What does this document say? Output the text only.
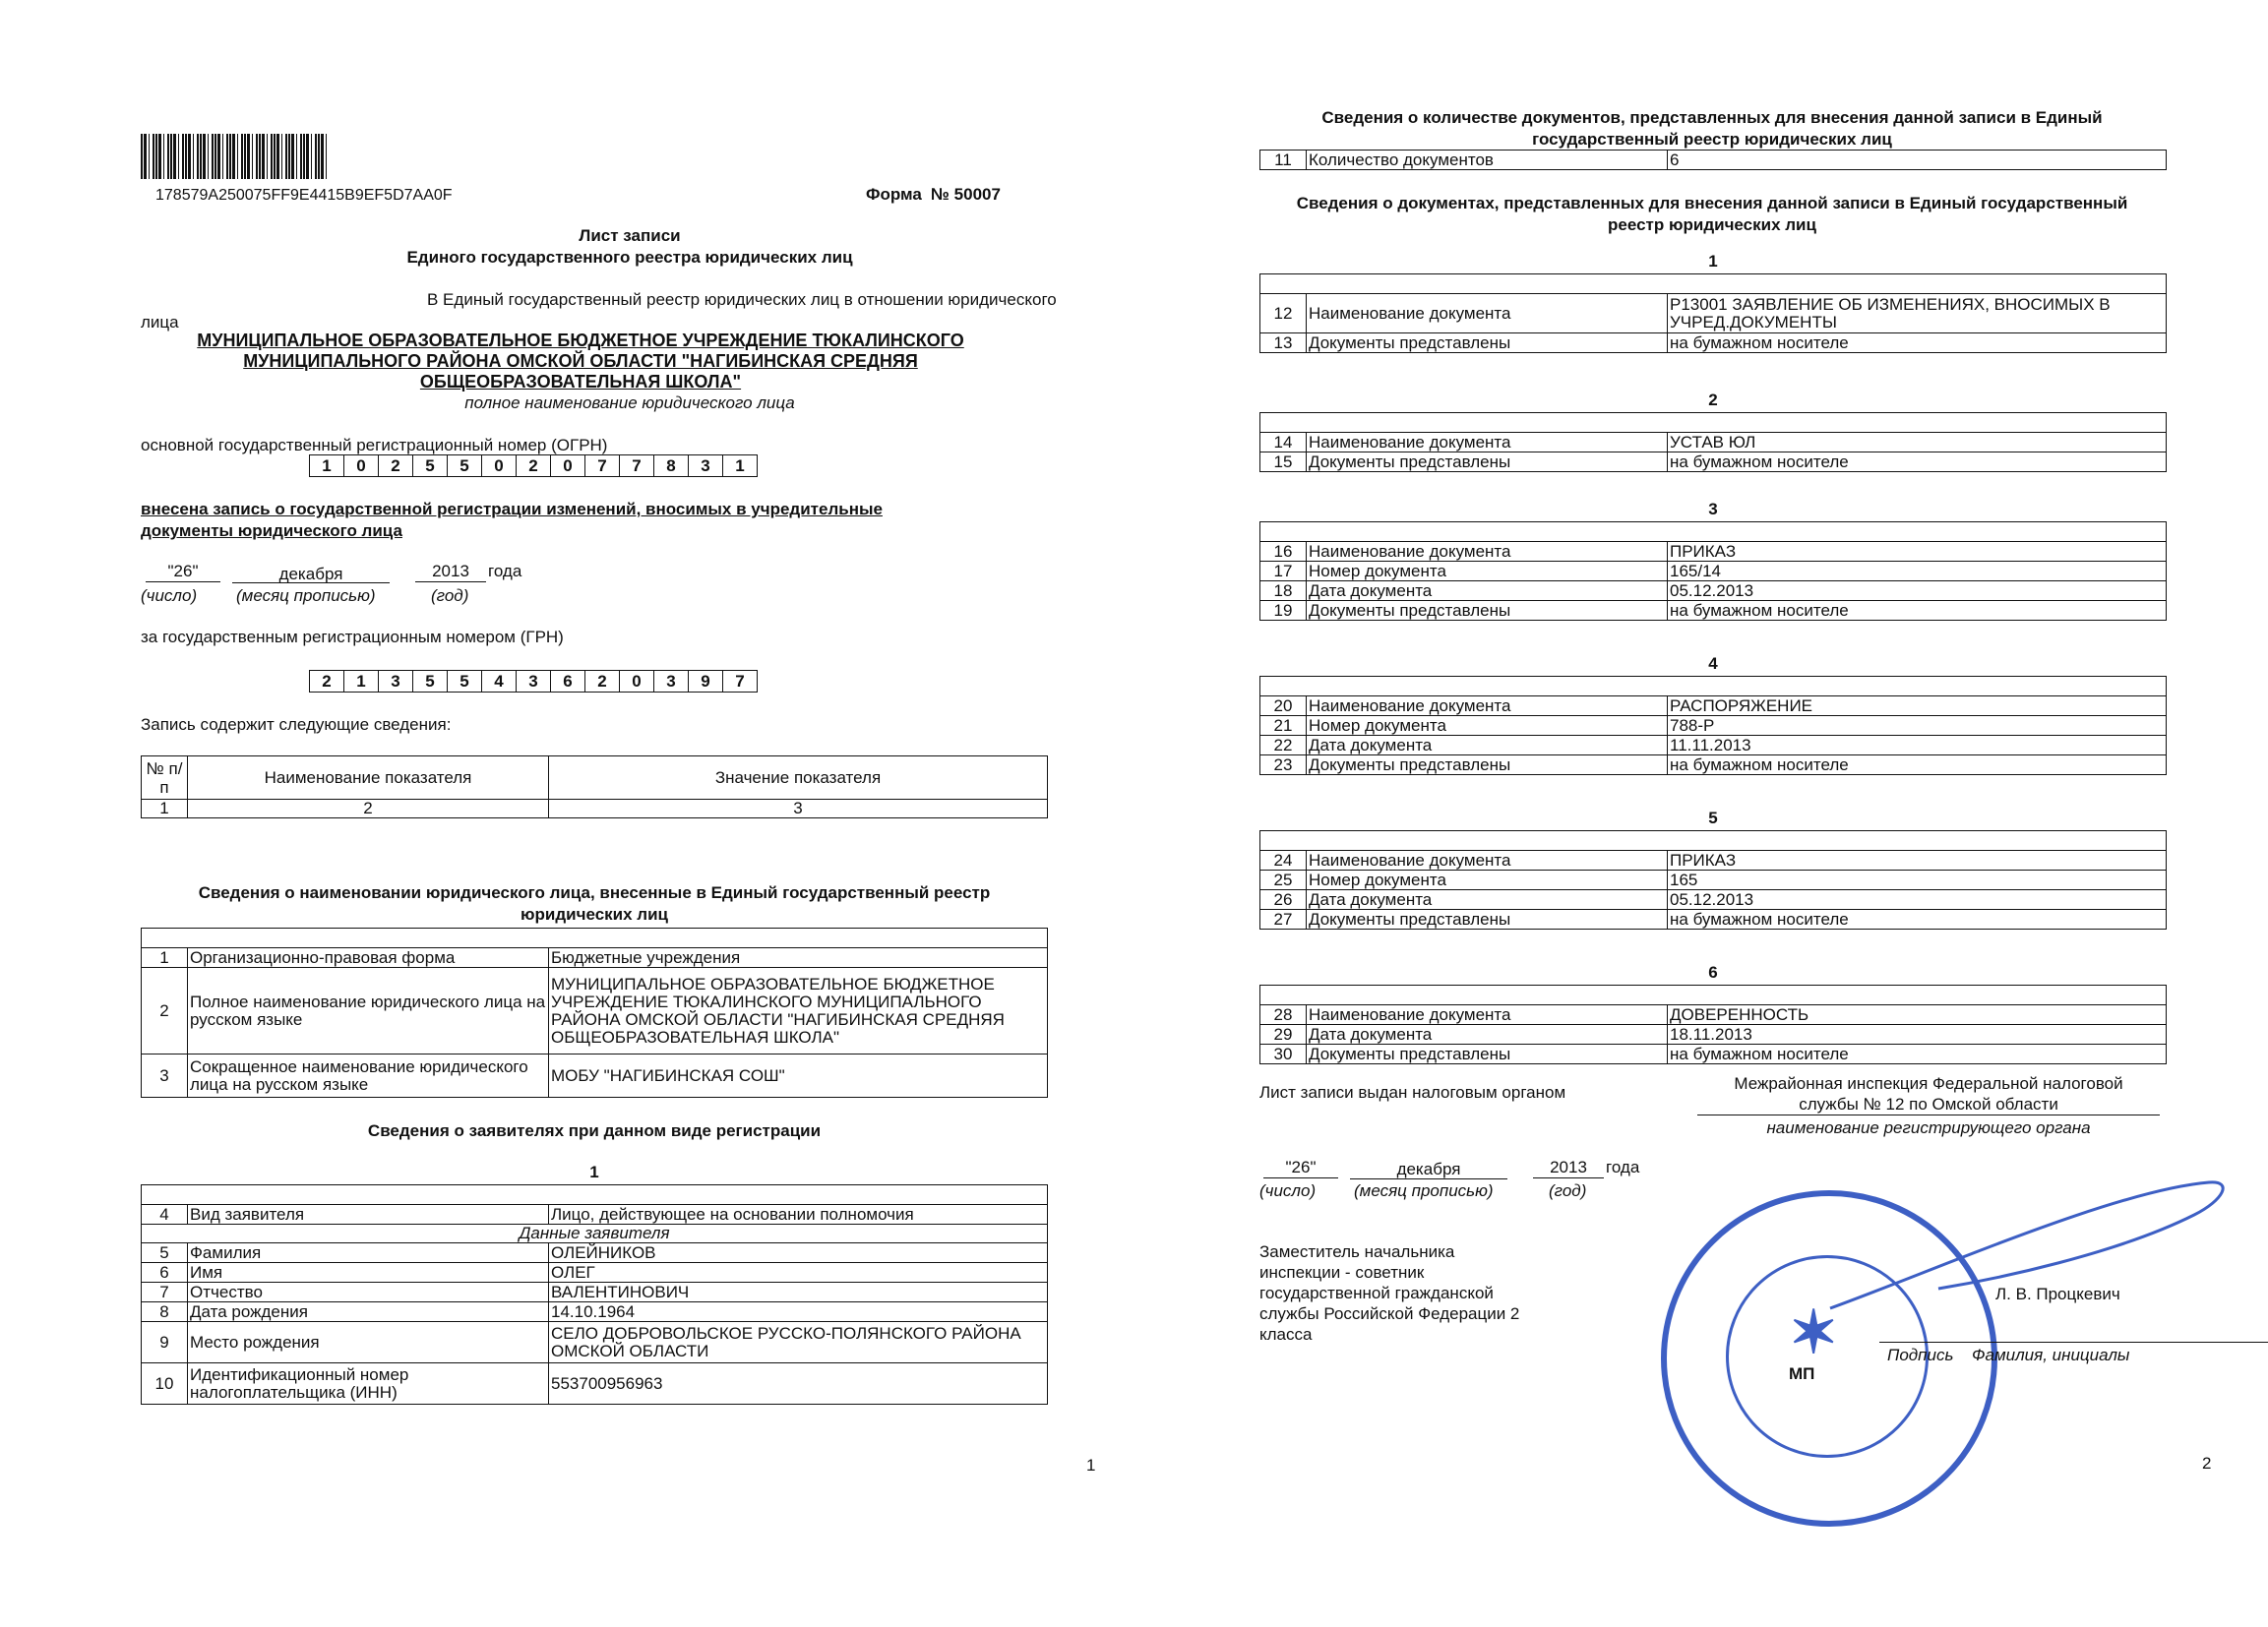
178579A250075FF9E4415B9EF5D7AA0F	Форма № 50007
Лист записи
Единого государственного реестра юридических лиц
В Единый государственный реестр юридических лиц в отношении юридического
лица
МУНИЦИПАЛЬНОЕ ОБРАЗОВАТЕЛЬНОЕ БЮДЖЕТНОЕ УЧРЕЖДЕНИЕ ТЮКАЛИНСКОГО
МУНИЦИПАЛЬНОГО РАЙОНА ОМСКОЙ ОБЛАСТИ "НАГИБИНСКАЯ СРЕДНЯЯ
ОБЩЕОБРАЗОВАТЕЛЬНАЯ ШКОЛА"
полное наименование юридического лица
основной государственный регистрационный номер (ОГРН)
1	0	2	5	5	0	2	0	7	7	8	3	1
внесена запись о государственной регистрации изменений, вносимых в учредительные
документы юридического лица
"26"	декабря	2013	года
(число) (месяц прописью)	(год)
за государственным регистрационным номером (ГРН)
2	1	3	5	5	4	3	6	2	0	3	9	7
Запись содержит следующие сведения:
№ п/п	Наименование показателя	Значение показателя
1	2	3
Сведения о наименовании юридического лица, внесенные в Единый государственный реестр
юридических лиц

1	Организационно-правовая форма	Бюджетные учреждения
2	Полное наименование юридического лица на русском языке	МУНИЦИПАЛЬНОЕ ОБРАЗОВАТЕЛЬНОЕ БЮДЖЕТНОЕ УЧРЕЖДЕНИЕ ТЮКАЛИНСКОГО МУНИЦИПАЛЬНОГО РАЙОНА ОМСКОЙ ОБЛАСТИ "НАГИБИНСКАЯ СРЕДНЯЯ ОБЩЕОБРАЗОВАТЕЛЬНАЯ ШКОЛА"
3	Сокращенное наименование юридического лица на русском языке	МОБУ "НАГИБИНСКАЯ СОШ"
Сведения о заявителях при данном виде регистрации
1

4	Вид заявителя	Лицо, действующее на основании полномочия
Данные заявителя		
5	Фамилия	ОЛЕЙНИКОВ
6	Имя	ОЛЕГ
7	Отчество	ВАЛЕНТИНОВИЧ
8	Дата рождения	14.10.1964
9	Место рождения	СЕЛО ДОБРОВОЛЬСКОЕ РУССКО-ПОЛЯНСКОГО РАЙОНА ОМСКОЙ ОБЛАСТИ
10	Идентификационный номер налогоплательщика (ИНН)	553700956963
1
Сведения о количестве документов, представленных для внесения данной записи в Единый
государственный реестр юридических лиц
11	Количество документов	6
Сведения о документах, представленных для внесения данной записи в Единый государственный
реестр юридических лиц
1

12	Наименование документа	Р13001 ЗАЯВЛЕНИЕ ОБ ИЗМЕНЕНИЯХ, ВНОСИМЫХ В УЧРЕД.ДОКУМЕНТЫ
13	Документы представлены	на бумажном носителе
2

14	Наименование документа	УСТАВ ЮЛ
15	Документы представлены	на бумажном носителе
3

16	Наименование документа	ПРИКАЗ
17	Номер документа	165/14
18	Дата документа	05.12.2013
19	Документы представлены	на бумажном носителе
4

20	Наименование документа	РАСПОРЯЖЕНИЕ
21	Номер документа	788-Р
22	Дата документа	11.11.2013
23	Документы представлены	на бумажном носителе
5

24	Наименование документа	ПРИКАЗ
25	Номер документа	165
26	Дата документа	05.12.2013
27	Документы представлены	на бумажном носителе
6

28	Наименование документа	ДОВЕРЕННОСТЬ
29	Дата документа	18.11.2013
30	Документы представлены	на бумажном носителе
Лист записи выдан налоговым органом	Межрайонная инспекция Федеральной налоговой
службы № 12 по Омской области
наименование регистрирующего органа
"26"	декабря	2013	года
(число) (месяц прописью)	(год)
Заместитель начальника
инспекции - советник
государственной гражданской
службы Российской Федерации 2
класса	✶
Л. В. Процкевич
Подпись Фамилия, инициалы
МП
2
